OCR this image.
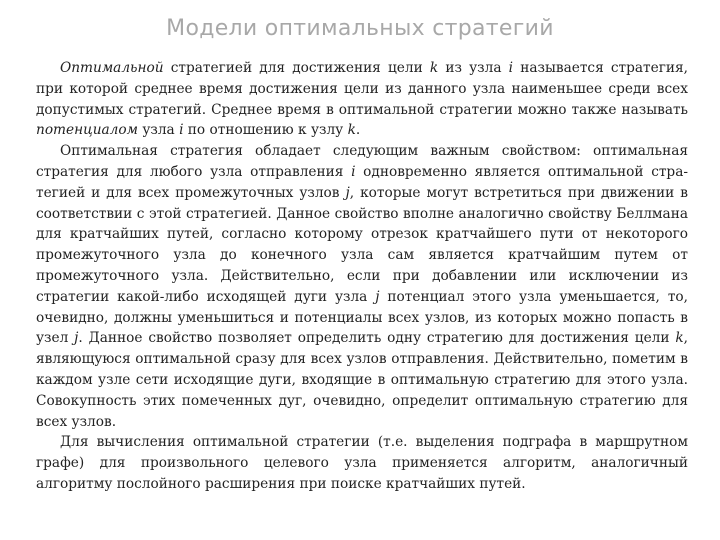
Модели оптимальных стратегий

Оптимальной стратегией для достижения цели k из узла i называется стратегия, при которой среднее время достижения цели из данного узла наименьшее среди всех допустимых стратегий. Среднее время в оптимальной стратегии можно также называть потенциалом узла i по отношению к узлу k.

Оптимальная стратегия обладает следующим важным свойством: оптимальная стратегия для любого узла отправления i одновременно является оптимальной стратегией и для всех промежуточных узлов j, которые могут встретиться при движении в соответствии с этой стратегией. Данное свойство вполне аналогично свойству Беллмана для кратчайших путей, согласно которому отрезок кратчайшего пути от некоторого промежуточного узла до конечного узла сам является кратчайшим путем от промежуточного узла. Действительно, если при добавлении или исключении из стратегии какой-либо исходящей дуги узла j потенциал этого узла уменьшается, то, очевидно, должны уменьшиться и потенциалы всех узлов, из которых можно попасть в узел j. Данное свойство позволяет определить одну стратегию для достижения цели k, являющуюся оптимальной сразу для всех узлов отправления. Действительно, пометим в каждом узле сети исходящие дуги, входящие в оптимальную стратегию для этого узла. Совокупность этих помеченных дуг, очевидно, определит оптимальную стратегию для всех узлов.

Для вычисления оптимальной стратегии (т.е. выделения подграфа в маршрутном графе) для произвольного целевого узла применяется алгоритм, аналогичный алгоритму послойного расширения при поиске кратчайших путей.
